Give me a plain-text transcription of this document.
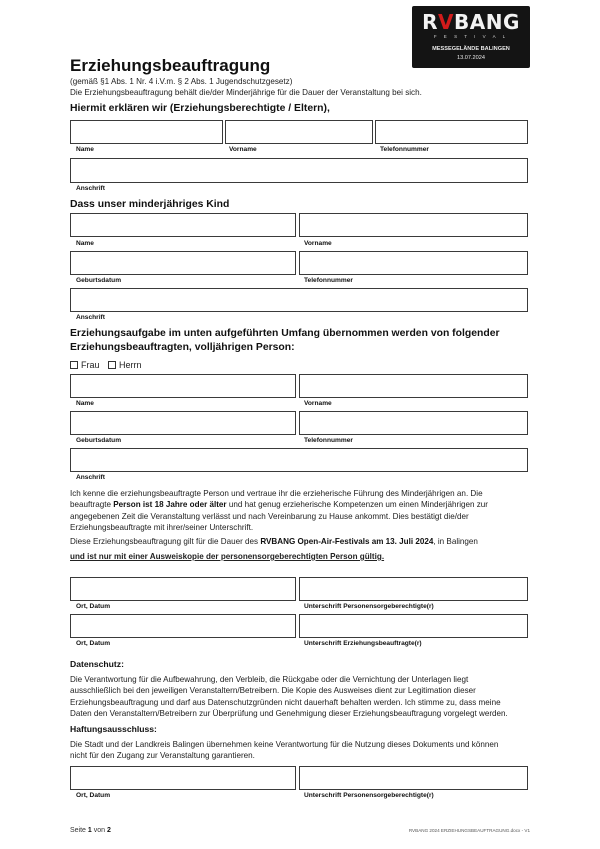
RVBANG
F E S T I V A L
MESSEGELÄNDE BALINGEN
13.07.2024
Erziehungsbeauftragung
(gemäß §1 Abs. 1 Nr. 4 i.V.m. § 2 Abs. 1 Jugendschutzgesetz)
Die Erziehungsbeauftragung behält die/der Minderjährige für die Dauer der Veranstaltung bei sich.
Hiermit erklären wir (Erziehungsberechtigte / Eltern),
Name	Vorname	Telefonnummer
Anschrift
Dass unser minderjähriges Kind
Name	Vorname
Geburtsdatum	Telefonnummer
Anschrift
Erziehungsaufgabe im unten aufgeführten Umfang übernommen werden von folgender
Erziehungsbeauftragten, volljährigen Person:
Frau Herrn
Name	Vorname
Geburtsdatum	Telefonnummer
Anschrift
Ich kenne die erziehungsbeauftragte Person und vertraue ihr die erzieherische Führung des Minderjährigen an. Die
beauftragte Person ist 18 Jahre oder älter und hat genug erzieherische Kompetenzen um einen Minderjährigen zur
angegebenen Zeit die Veranstaltung verlässt und nach Vereinbarung zu Hause ankommt. Dies bestätigt die/der
Erziehungsbeauftragte mit ihrer/seiner Unterschrift.
Diese Erziehungsbeauftragung gilt für die Dauer des RVBANG Open-Air-Festivals am 13. Juli 2024, in Balingen
und ist nur mit einer Ausweiskopie der personensorgeberechtigten Person gültig.
Ort, Datum	Unterschrift Personensorgeberechtigte(r)
Ort, Datum	Unterschrift Erziehungsbeauftragte(r)
Datenschutz:
Die Verantwortung für die Aufbewahrung, den Verbleib, die Rückgabe oder die Vernichtung der Unterlagen liegt
ausschließlich bei den jeweiligen Veranstaltern/Betreibern. Die Kopie des Ausweises dient zur Legitimation dieser
Erziehungsbeauftragung und darf aus Datenschutzgründen nicht dauerhaft behalten werden. Ich stimme zu, dass meine
Daten den Veranstaltern/Betreibern zur Überprüfung und Genehmigung dieser Erziehungsbeauftragung vorgelegt werden.
Haftungsausschluss:
Die Stadt und der Landkreis Balingen übernehmen keine Verantwortung für die Nutzung dieses Dokuments und können
nicht für den Zugang zur Veranstaltung garantieren.
Ort, Datum	Unterschrift Personensorgeberechtigte(r)
Seite 1 von 2	RVBANG 2024 ERZIEHUNGSBEAUFTRAGUNG.docx - V1
